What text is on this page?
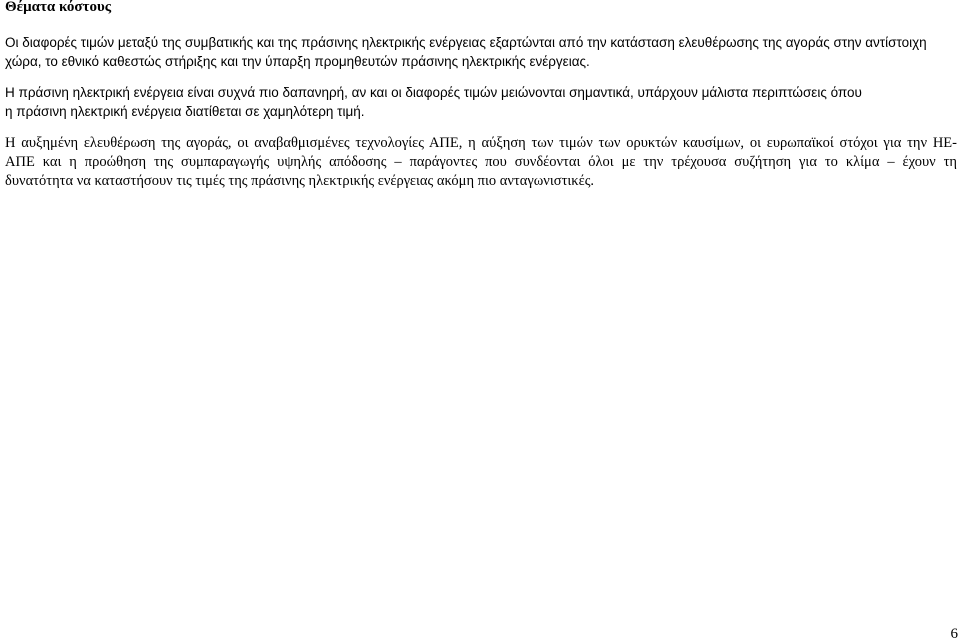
Θέματα κόστους

Οι διαφορές τιμών μεταξύ της συμβατικής και της πράσινης ηλεκτρικής ενέργειας εξαρτώνται από την κατάσταση ελευθέρωσης της αγοράς στην αντίστοιχη
χώρα, το εθνικό καθεστώς στήριξης και την ύπαρξη προμηθευτών πράσινης ηλεκτρικής ενέργειας.

Η πράσινη ηλεκτρική ενέργεια είναι συχνά πιο δαπανηρή, αν και οι διαφορές τιμών μειώνονται σημαντικά, υπάρχουν μάλιστα περιπτώσεις όπου
η πράσινη ηλεκτρική ενέργεια διατίθεται σε χαμηλότερη τιμή.

Η αυξημένη ελευθέρωση της αγοράς, οι αναβαθμισμένες τεχνολογίες ΑΠΕ, η αύξηση των τιμών των ορυκτών καυσίμων, οι ευρωπαϊκοί στόχοι για την ΗΕ-
ΑΠΕ και η προώθηση της συμπαραγωγής υψηλής απόδοσης – παράγοντες που συνδέονται όλοι με την τρέχουσα συζήτηση για το κλίμα – έχουν τη
δυνατότητα να καταστήσουν τις τιμές της πράσινης ηλεκτρικής ενέργειας ακόμη πιο ανταγωνιστικές.

6
